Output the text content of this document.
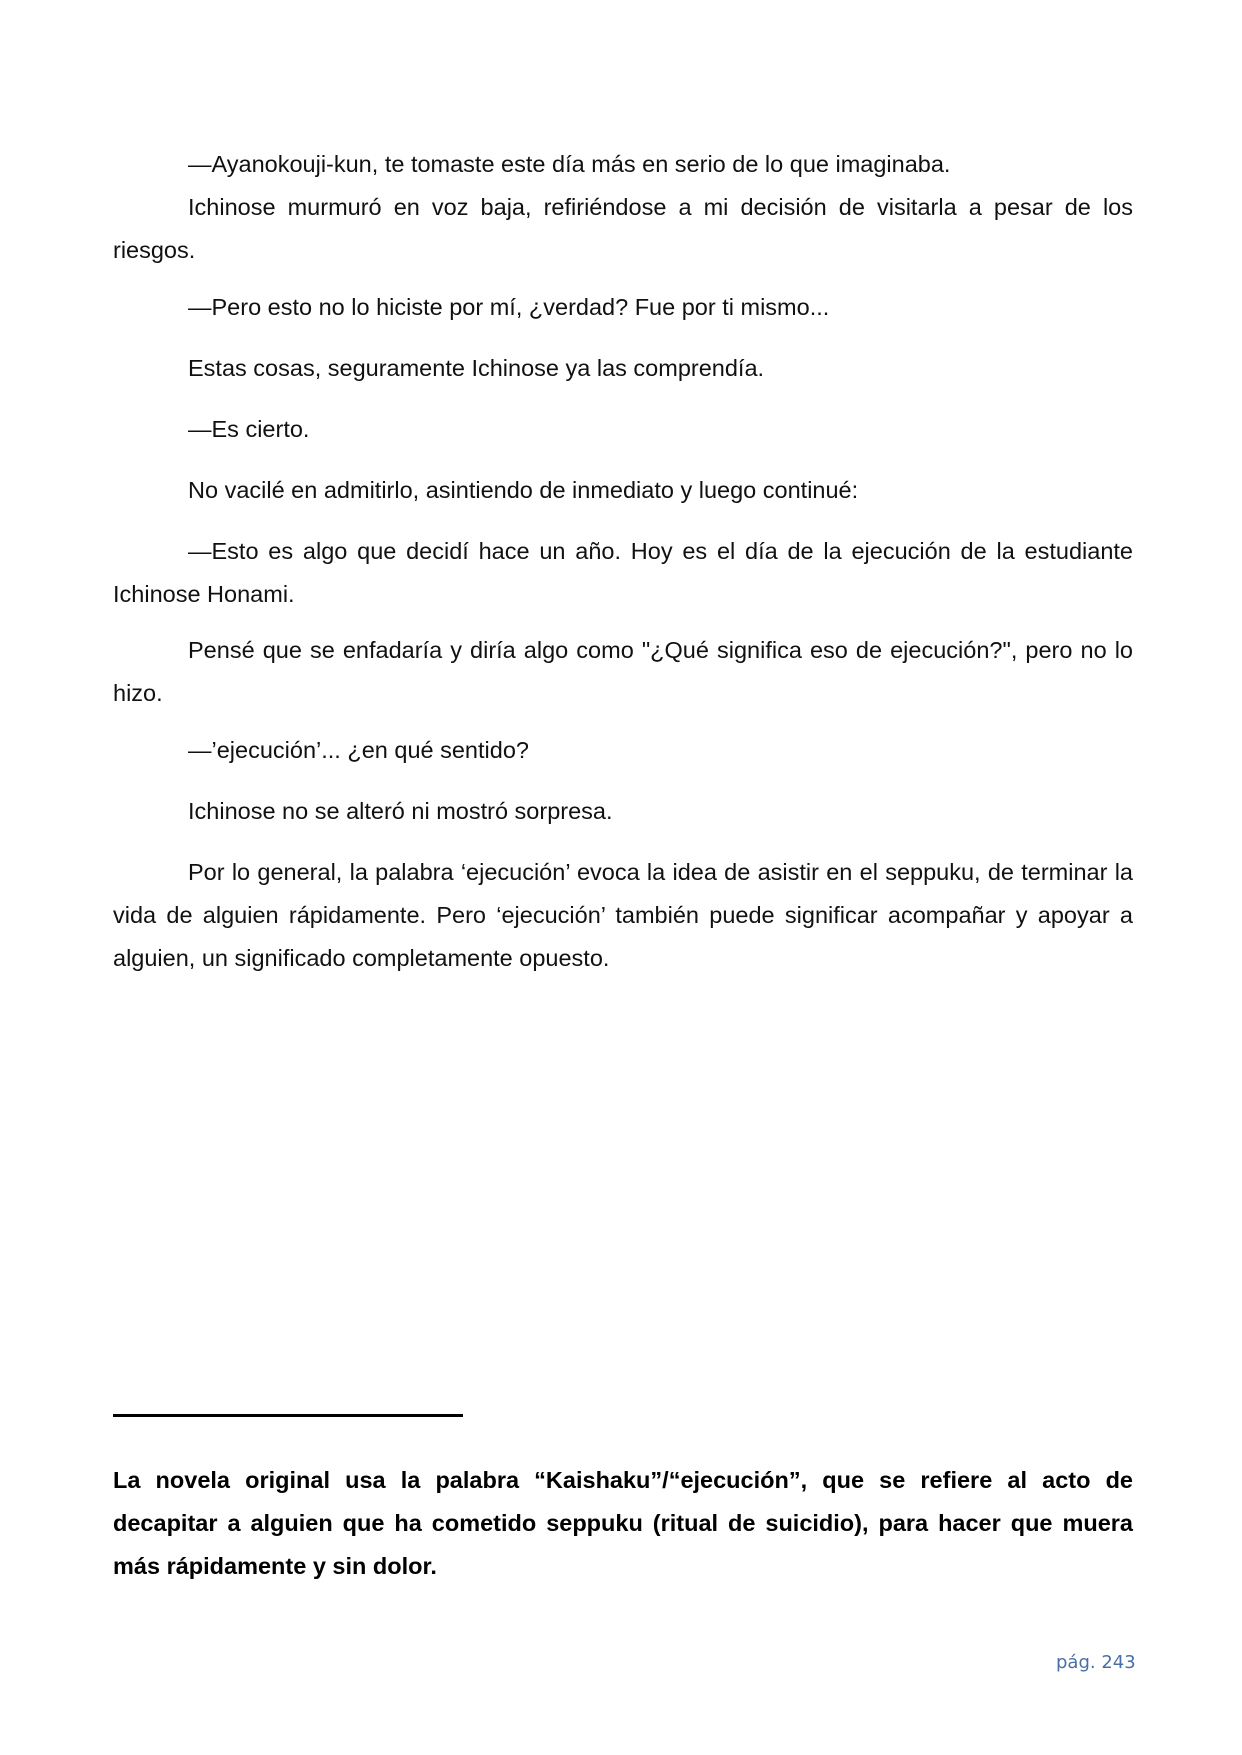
—Ayanokouji-kun, te tomaste este día más en serio de lo que imaginaba.

Ichinose murmuró en voz baja, refiriéndose a mi decisión de visitarla a pesar de los riesgos.

—Pero esto no lo hiciste por mí, ¿verdad? Fue por ti mismo...

Estas cosas, seguramente Ichinose ya las comprendía.

—Es cierto.

No vacilé en admitirlo, asintiendo de inmediato y luego continué:

—Esto es algo que decidí hace un año. Hoy es el día de la ejecución de la estudiante Ichinose Honami.

Pensé que se enfadaría y diría algo como "¿Qué significa eso de ejecución?", pero no lo hizo.

—’ejecución’... ¿en qué sentido?

Ichinose no se alteró ni mostró sorpresa.

Por lo general, la palabra ‘ejecución’ evoca la idea de asistir en el seppuku, de terminar la vida de alguien rápidamente. Pero ‘ejecución’ también puede significar acompañar y apoyar a alguien, un significado completamente opuesto.

La novela original usa la palabra “Kaishaku”/“ejecución”, que se refiere al acto de decapitar a alguien que ha cometido seppuku (ritual de suicidio), para hacer que muera más rápidamente y sin dolor.

pág. 243
